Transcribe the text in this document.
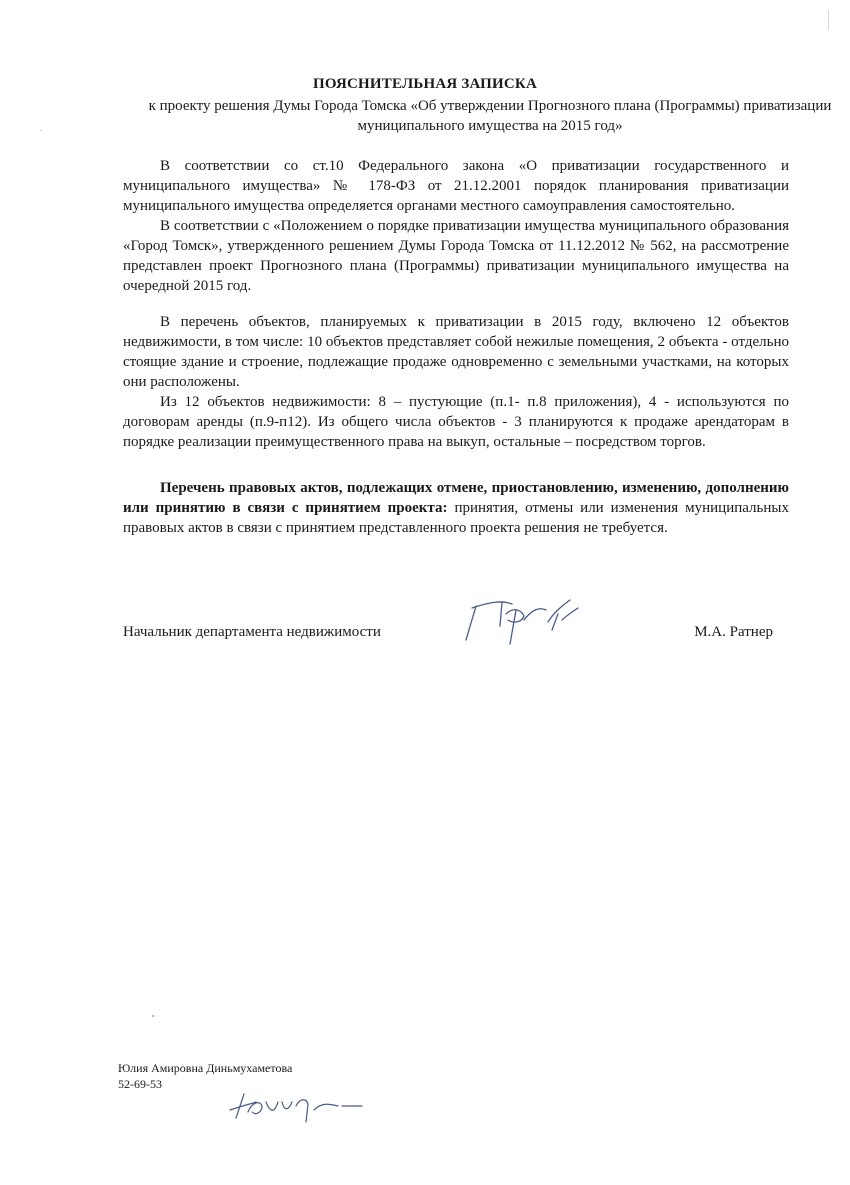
ПОЯСНИТЕЛЬНАЯ ЗАПИСКА
к проекту решения Думы Города Томска «Об утверждении Прогнозного плана (Программы) приватизации муниципального имущества на 2015 год»

В соответствии со ст.10 Федерального закона «О приватизации государственного и муниципального имущества» № 178-ФЗ от 21.12.2001 порядок планирования приватизации муниципального имущества определяется органами местного самоуправления самостоятельно.

В соответствии с «Положением о порядке приватизации имущества муниципального образования «Город Томск», утвержденного решением Думы Города Томска от 11.12.2012 № 562, на рассмотрение представлен проект Прогнозного плана (Программы) приватизации муниципального имущества на очередной 2015 год.

В перечень объектов, планируемых к приватизации в 2015 году, включено 12 объектов недвижимости, в том числе: 10 объектов представляет собой нежилые помещения, 2 объекта - отдельно стоящие здание и строение, подлежащие продаже одновременно с земельными участками, на которых они расположены.

Из 12 объектов недвижимости: 8 – пустующие (п.1- п.8 приложения), 4 - используются по договорам аренды (п.9-п12). Из общего числа объектов - 3 планируются к продаже арендаторам в порядке реализации преимущественного права на выкуп, остальные – посредством торгов.

Перечень правовых актов, подлежащих отмене, приостановлению, изменению, дополнению или принятию в связи с принятием проекта: принятия, отмены или изменения муниципальных правовых актов в связи с принятием представленного проекта решения не требуется.

Начальник департамента недвижимости	М.А. Ратнер
Юлия Амировна Диньмухаметова
52-69-53
